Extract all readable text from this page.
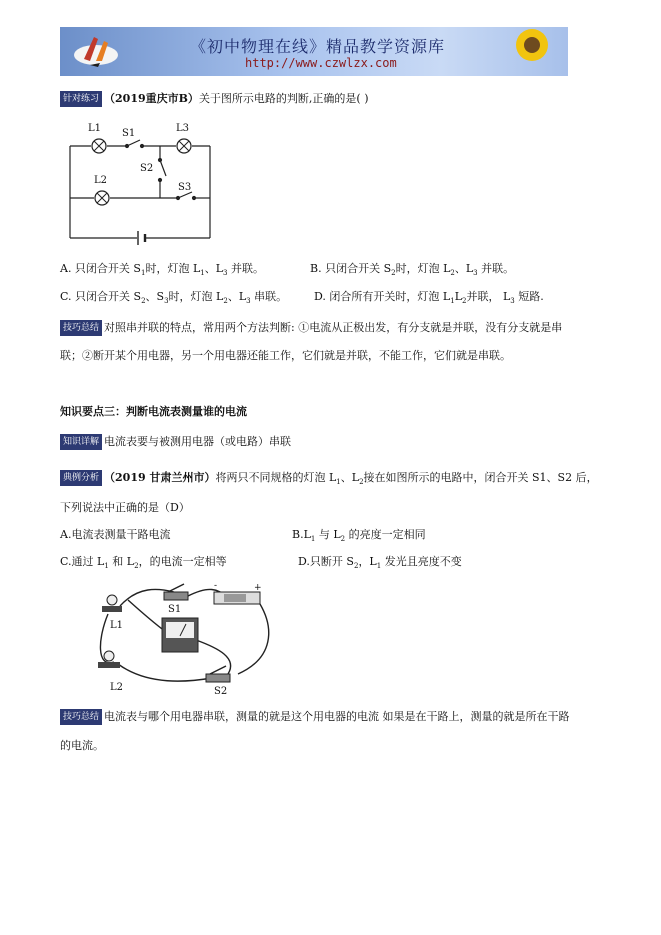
《初中物理在线》精品教学资源库
http://www.czwlzx.com
针对练习 （2019重庆市B）关于图所示电路的判断,正确的是( )
L1 S1	L3
S2
L2
S3
A. 只闭合开关 $S_1$时，灯泡 $L_1$、$L_3$ 并联。	B. 只闭合开关 $S_2$时，灯泡 $L_2$、$L_3$ 并联。
C. 只闭合开关 $S_2$、$S_3$时，灯泡 $L_2$、$L_3$ 串联。 D. 闭合所有开关时，灯泡 $L_1L_2$并联， $L_3$ 短路.
技巧总结 对照串并联的特点，常用两个方法判断: ①电流从正极出发，有分支就是并联，没有分支就是串
联；②断开某个用电器，另一个用电器还能工作，它们就是并联，不能工作，它们就是串联。
知识要点三：判断电流表测量谁的电流
知识详解 电流表要与被测用电器（或电路）串联
典例分析 （2019 甘肃兰州市）将两只不同规格的灯泡 $L_1$、$L_2$接在如图所示的电路中，闭合开关 S1、S2 后，
下列说法中正确的是（D）
A.电流表测量干路电流	$B.L_1$ 与 $L_2$ 的亮度一定相同
C.通过 $L_1$ 和 $L_2$，的电流一定相等	D.只断开 $S_2$，$L_1$ 发光且亮度不变
-	+
L1
S1
L2	S2
技巧总结 电流表与哪个用电器串联，测量的就是这个用电器的电流 如果是在干路上，测量的就是所在干路
的电流。
